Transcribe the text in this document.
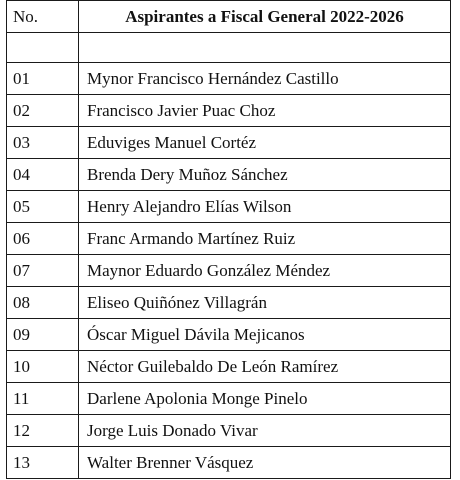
No.	Aspirantes a Fiscal General 2022-2026

01	Mynor Francisco Hernández Castillo
02	Francisco Javier Puac Choz
03	Eduviges Manuel Cortéz
04	Brenda Dery Muñoz Sánchez
05	Henry Alejandro Elías Wilson
06	Franc Armando Martínez Ruiz
07	Maynor Eduardo González Méndez
08	Eliseo Quiñónez Villagrán
09	Óscar Miguel Dávila Mejicanos
10	Néctor Guilebaldo De León Ramírez
11	Darlene Apolonia Monge Pinelo
12	Jorge Luis Donado Vivar
13	Walter Brenner Vásquez
